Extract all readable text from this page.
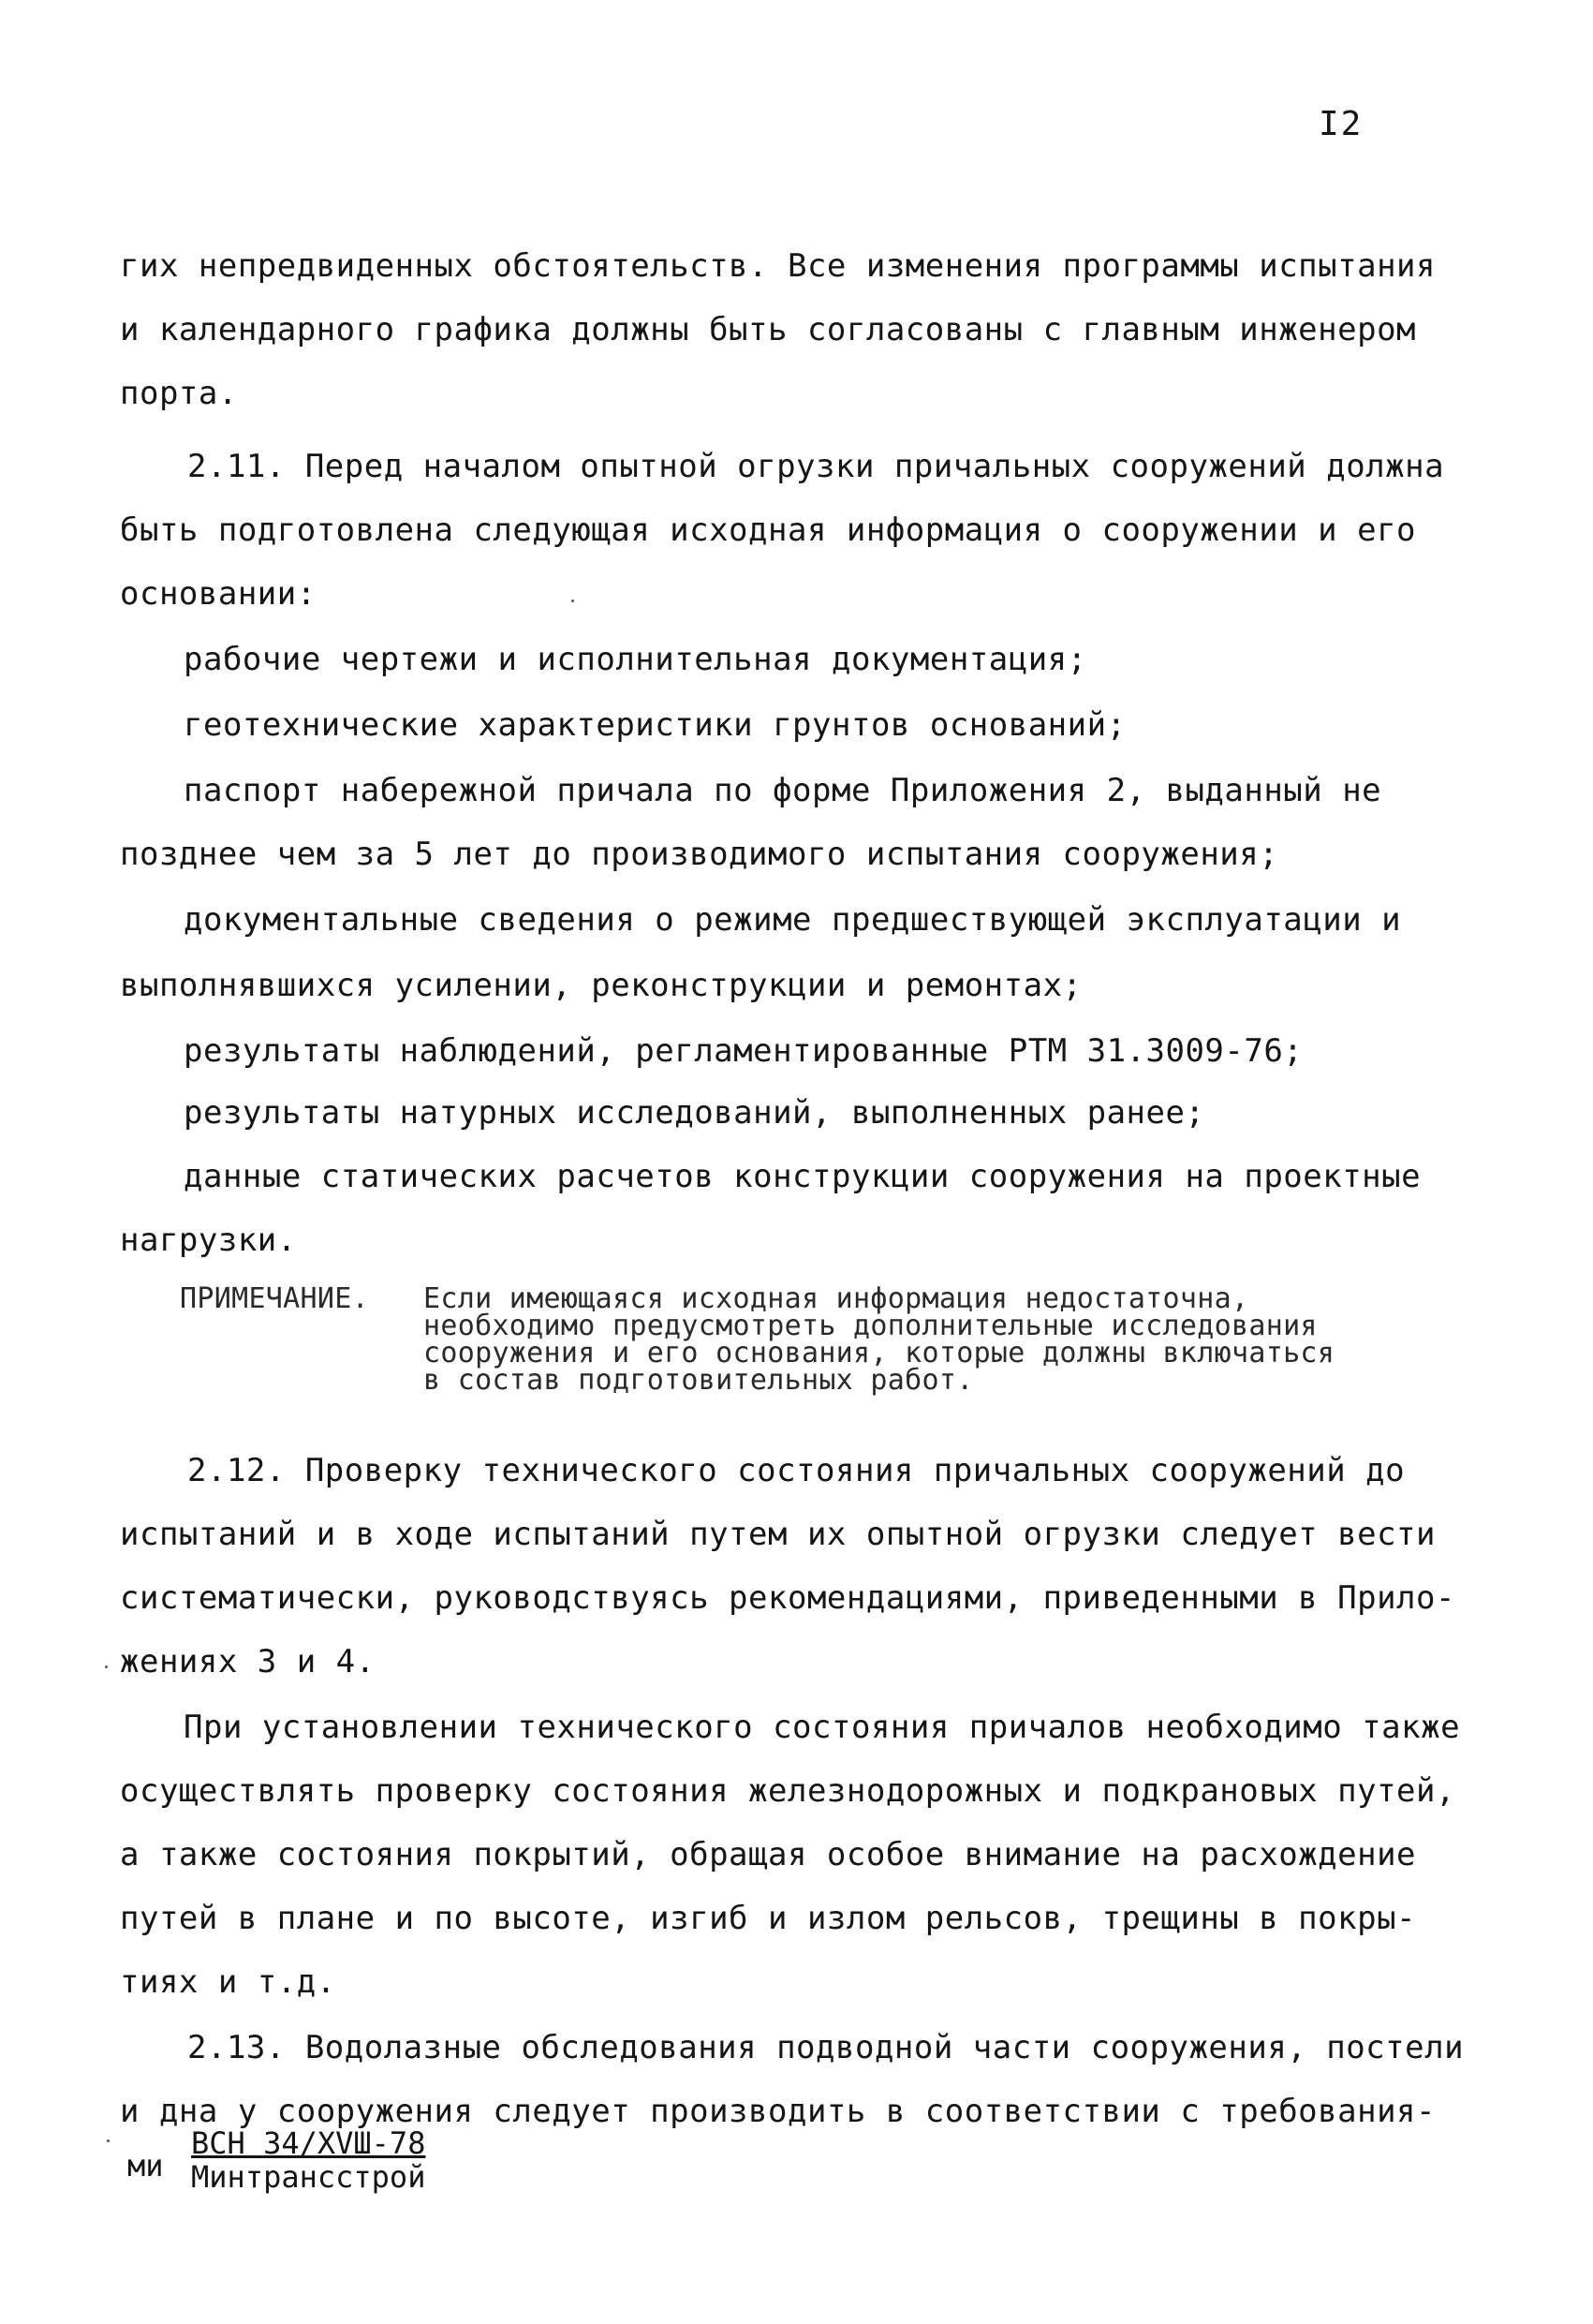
I2
гих непредвиденных обстоятельств. Все изменения программы испытания
и календарного графика должны быть согласованы с главным инженером
порта.
2.11. Перед началом опытной огрузки причальных сооружений должна
быть подготовлена следующая исходная информация о сооружении и его
основании:
рабочие чертежи и исполнительная документация;
геотехнические характеристики грунтов оснований;
паспорт набережной причала по форме Приложения 2, выданный не
позднее чем за 5 лет до производимого испытания сооружения;
документальные сведения о режиме предшествующей эксплуатации и
выполнявшихся усилении, реконструкции и ремонтах;
результаты наблюдений, регламентированные РТМ 31.3009-76;
результаты натурных исследований, выполненных ранее;
данные статических расчетов конструкции сооружения на проектные
нагрузки.
ПРИМЕЧАНИЕ. Если имеющаяся исходная информация недостаточна,
необходимо предусмотреть дополнительные исследования
сооружения и его основания, которые должны включаться
в состав подготовительных работ.
2.12. Проверку технического состояния причальных сооружений до
испытаний и в ходе испытаний путем их опытной огрузки следует вести
систематически, руководствуясь рекомендациями, приведенными в Прило-
жениях 3 и 4.
При установлении технического состояния причалов необходимо также
осуществлять проверку состояния железнодорожных и подкрановых путей,
а также состояния покрытий, обращая особое внимание на расхождение
путей в плане и по высоте, изгиб и излом рельсов, трещины в покры-
тиях и т.д.
2.13. Водолазные обследования подводной части сооружения, постели
и дна у сооружения следует производить в соответствии с требования-
ми
ВСН 34/XVШ-78
Минтрансстрой
